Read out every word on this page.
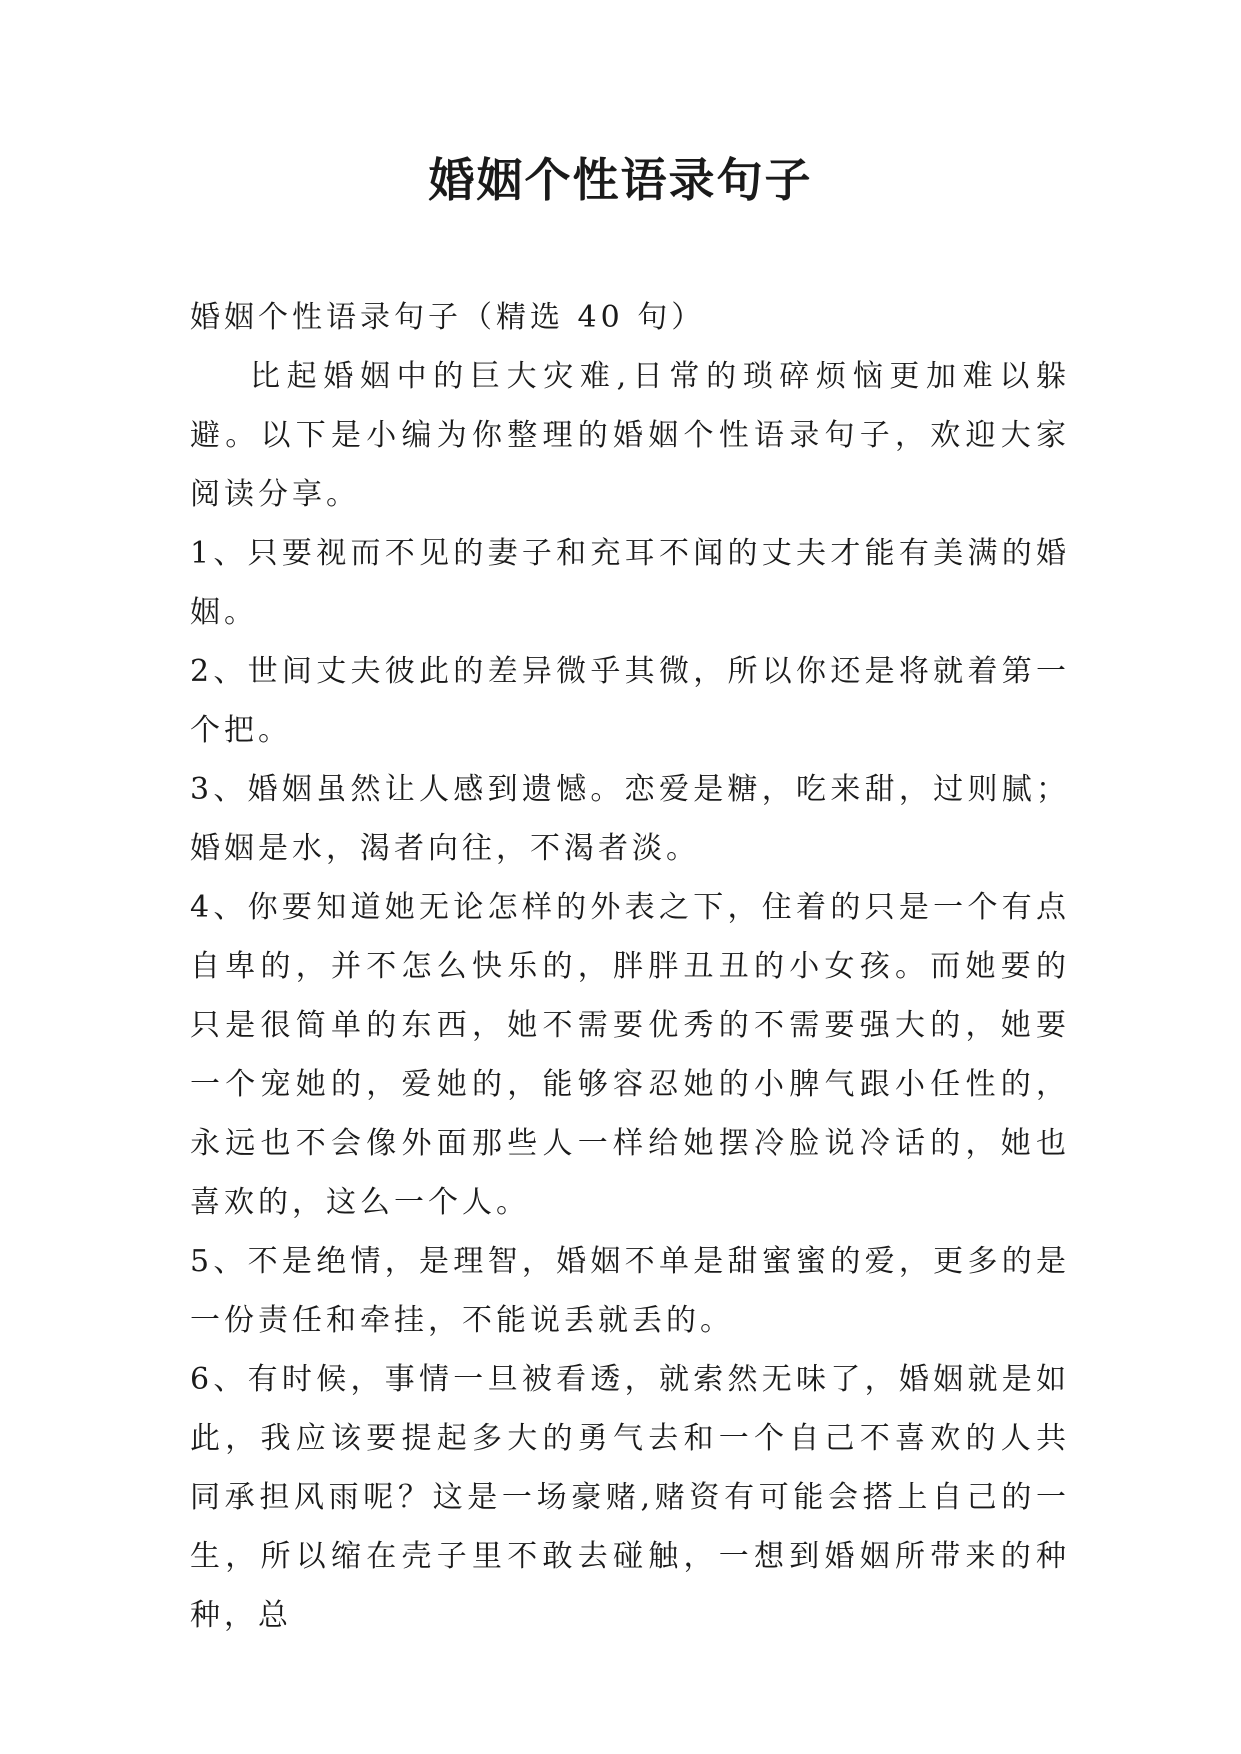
婚姻个性语录句子

婚姻个性语录句子（精选 40 句）

比起婚姻中的巨大灾难,日常的琐碎烦恼更加难以躲避。以下是小编为你整理的婚姻个性语录句子，欢迎大家阅读分享。

1、只要视而不见的妻子和充耳不闻的丈夫才能有美满的婚姻。

2、世间丈夫彼此的差异微乎其微，所以你还是将就着第一个把。

3、婚姻虽然让人感到遗憾。恋爱是糖，吃来甜，过则腻；婚姻是水，渴者向往，不渴者淡。

4、你要知道她无论怎样的外表之下，住着的只是一个有点自卑的，并不怎么快乐的，胖胖丑丑的小女孩。而她要的只是很简单的东西，她不需要优秀的不需要强大的，她要一个宠她的，爱她的，能够容忍她的小脾气跟小任性的，永远也不会像外面那些人一样给她摆冷脸说冷话的，她也喜欢的，这么一个人。

5、不是绝情，是理智，婚姻不单是甜蜜蜜的爱，更多的是一份责任和牵挂，不能说丢就丢的。

6、有时候，事情一旦被看透，就索然无味了，婚姻就是如此，我应该要提起多大的勇气去和一个自己不喜欢的人共同承担风雨呢？这是一场豪赌,赌资有可能会搭上自己的一生，所以缩在壳子里不敢去碰触，一想到婚姻所带来的种种，总
